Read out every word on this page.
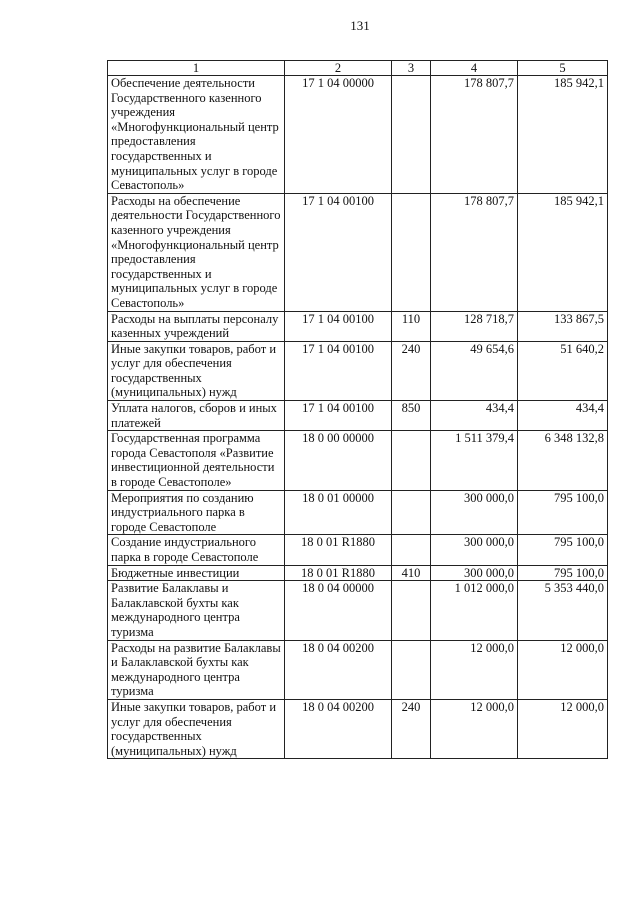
131
1	2	3	4	5
Обеспечение деятельности Государственного казенного учреждения «Многофункциональный центр предоставления государственных и муниципальных услуг в городе Севастополь»	17 1 04 00000		178 807,7	185 942,1
Расходы на обеспечение деятельности Государственного казенного учреждения «Многофункциональный центр предоставления государственных и муниципальных услуг в городе Севастополь»	17 1 04 00100		178 807,7	185 942,1
Расходы на выплаты персоналу казенных учреждений	17 1 04 00100	110	128 718,7	133 867,5
Иные закупки товаров, работ и услуг для обеспечения государственных (муниципальных) нужд	17 1 04 00100	240	49 654,6	51 640,2
Уплата налогов, сборов и иных платежей	17 1 04 00100	850	434,4	434,4
Государственная программа города Севастополя «Развитие инвестиционной деятельности в городе Севастополе»	18 0 00 00000		1 511 379,4	6 348 132,8
Мероприятия по созданию индустриального парка в городе Севастополе	18 0 01 00000		300 000,0	795 100,0
Создание индустриального парка в городе Севастополе	18 0 01 R1880		300 000,0	795 100,0
Бюджетные инвестиции	18 0 01 R1880	410	300 000,0	795 100,0
Развитие Балаклавы и Балаклавской бухты как международного центра туризма	18 0 04 00000		1 012 000,0	5 353 440,0
Расходы на развитие Балаклавы и Балаклавской бухты как международного центра туризма	18 0 04 00200		12 000,0	12 000,0
Иные закупки товаров, работ и услуг для обеспечения государственных (муниципальных) нужд	18 0 04 00200	240	12 000,0	12 000,0
